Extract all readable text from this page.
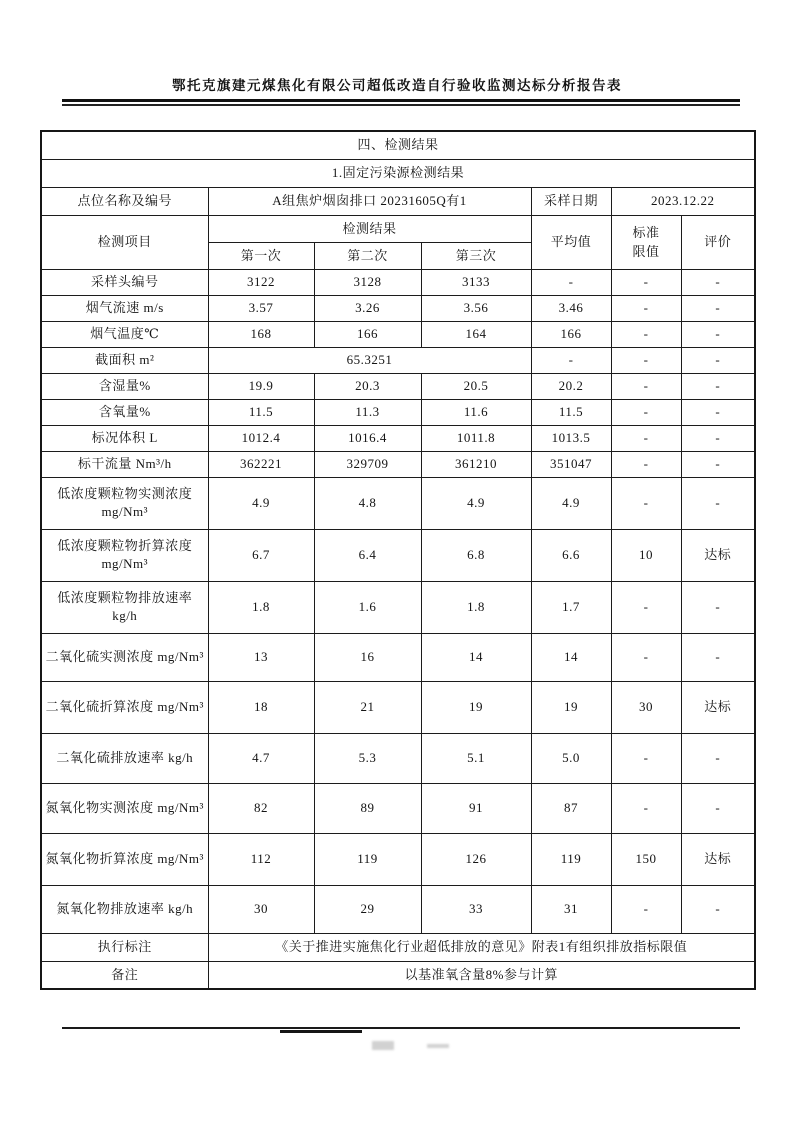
鄂托克旗建元煤焦化有限公司超低改造自行验收监测达标分析报告表
四、检测结果						
1.固定污染源检测结果						
点位名称及编号	A组焦炉烟囱排口 20231605Q有1			采样日期	2023.12.22	
检测项目	检测结果			平均值	标准限值	评价
	第一次	第二次	第三次			
采样头编号	3122	3128	3133	-	-	-
烟气流速 m/s	3.57	3.26	3.56	3.46	-	-
烟气温度℃	168	166	164	166	-	-
截面积 m²	65.3251			-	-	-
含湿量%	19.9	20.3	20.5	20.2	-	-
含氧量%	11.5	11.3	11.6	11.5	-	-
标况体积 L	1012.4	1016.4	1011.8	1013.5	-	-
标干流量 Nm³/h	362221	329709	361210	351047	-	-
低浓度颗粒物实测浓度
mg/Nm³	4.9	4.8	4.9	4.9	-	-
低浓度颗粒物折算浓度
mg/Nm³	6.7	6.4	6.8	6.6	10	达标
低浓度颗粒物排放速率
kg/h	1.8	1.6	1.8	1.7	-	-
二氧化硫实测浓度 mg/Nm³	13	16	14	14	-	-
二氧化硫折算浓度 mg/Nm³	18	21	19	19	30	达标
二氧化硫排放速率 kg/h	4.7	5.3	5.1	5.0	-	-
氮氧化物实测浓度 mg/Nm³	82	89	91	87	-	-
氮氧化物折算浓度 mg/Nm³	112	119	126	119	150	达标
氮氧化物排放速率 kg/h	30	29	33	31	-	-
执行标注	《关于推进实施焦化行业超低排放的意见》附表1有组织排放指标限值					
备注	以基准氧含量8%参与计算					
